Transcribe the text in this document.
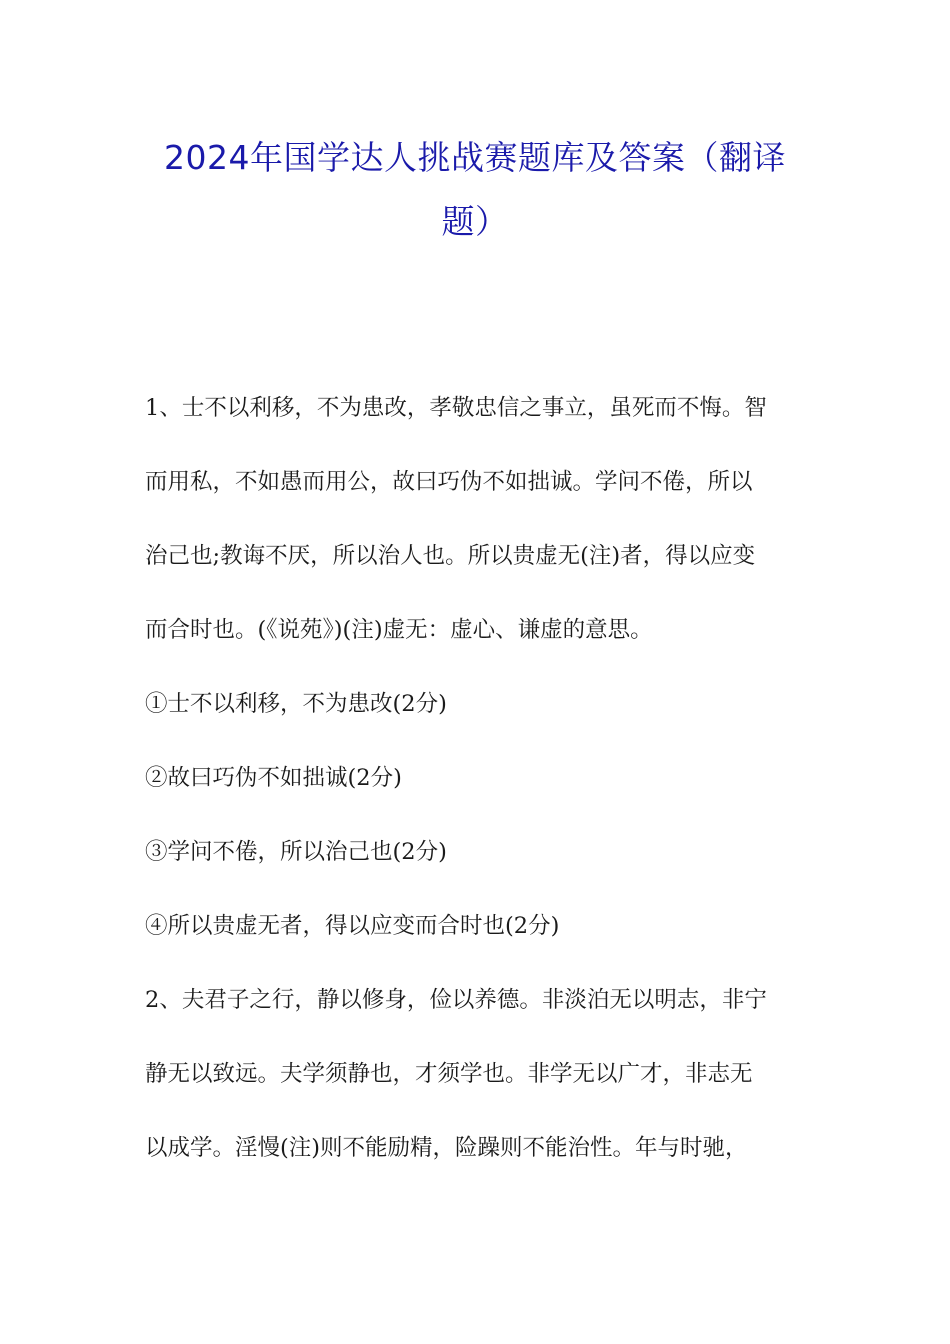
2024年国学达人挑战赛题库及答案（翻译
题）
1、士不以利移，不为患改，孝敬忠信之事立，虽死而不悔。智
而用私，不如愚而用公，故曰巧伪不如拙诚。学问不倦，所以
治己也;教诲不厌，所以治人也。所以贵虚无(注)者，得以应变
而合时也。(《说苑》)(注)虚无：虚心、谦虚的意思。
①士不以利移，不为患改(2分)
②故曰巧伪不如拙诚(2分)
③学问不倦，所以治己也(2分)
④所以贵虚无者，得以应变而合时也(2分)
2、夫君子之行，静以修身，俭以养德。非淡泊无以明志，非宁
静无以致远。夫学须静也，才须学也。非学无以广才，非志无
以成学。淫慢(注)则不能励精，险躁则不能治性。年与时驰，
